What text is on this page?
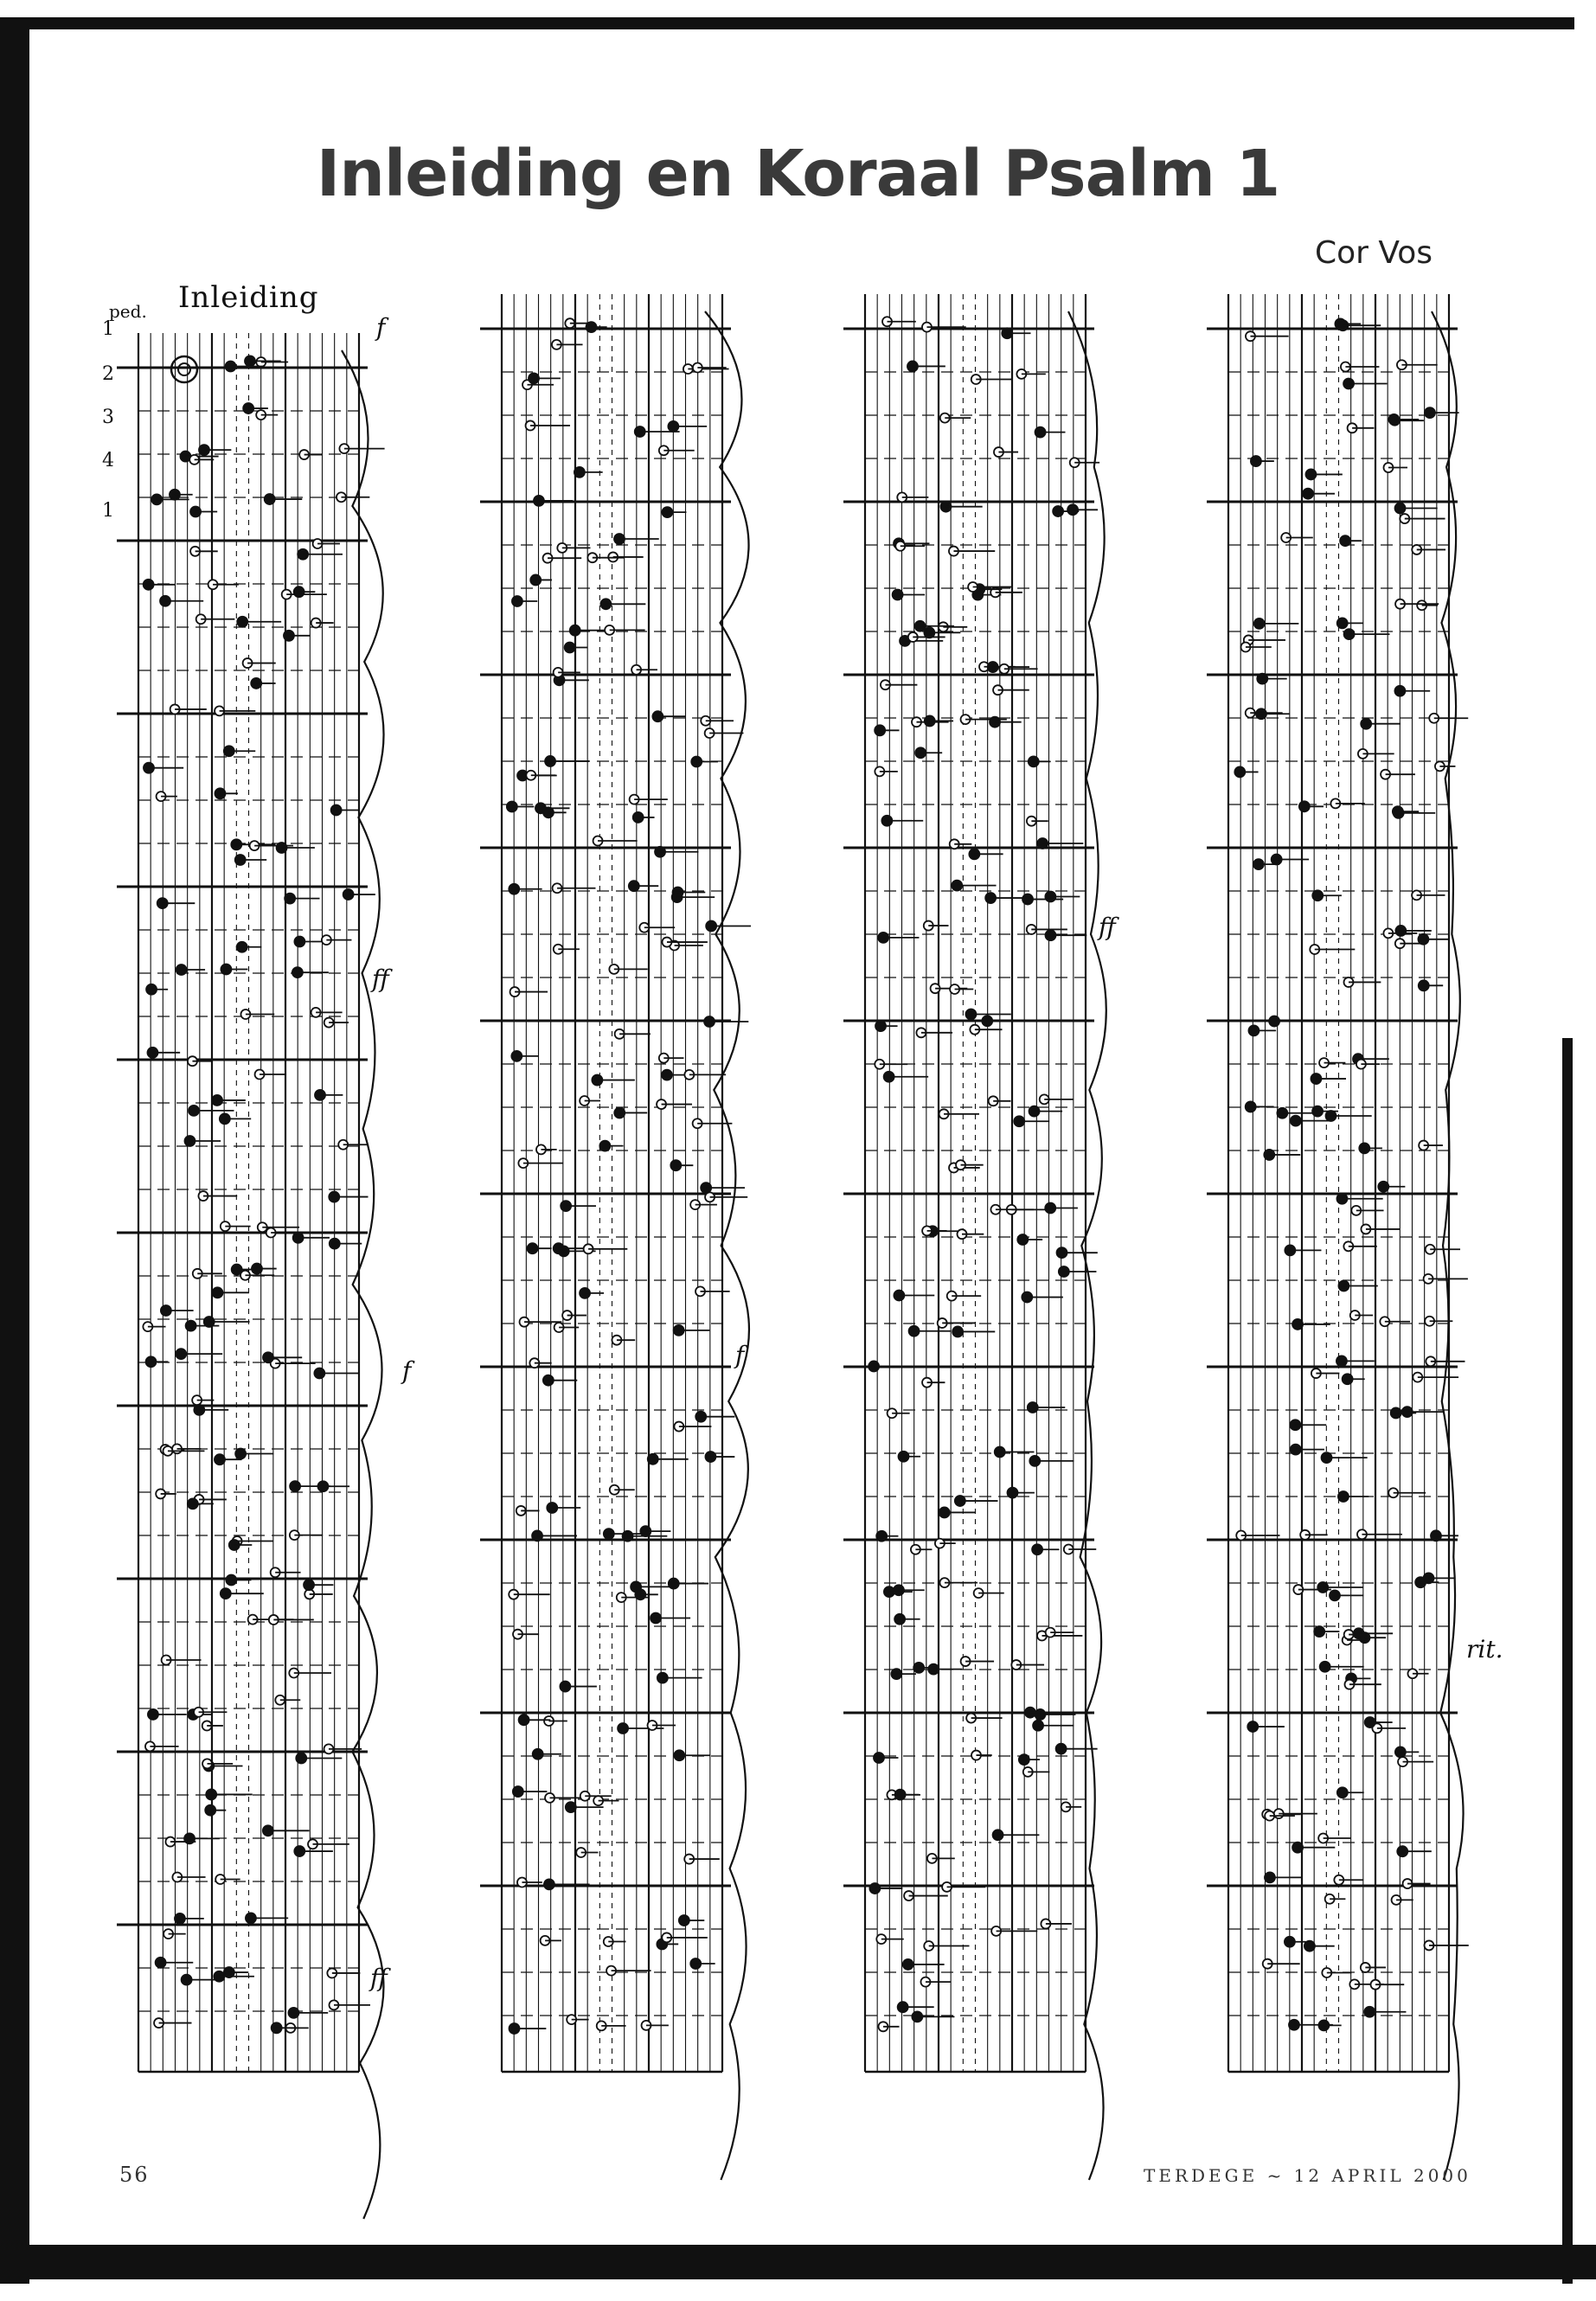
Inleiding en Koraal Psalm 1
Cor Vos
ped. Inleiding
1
2
3
4
1
f
ff
f
ff
f
ff
rit.
56	TERDEGE ~ 12 APRIL 2000
